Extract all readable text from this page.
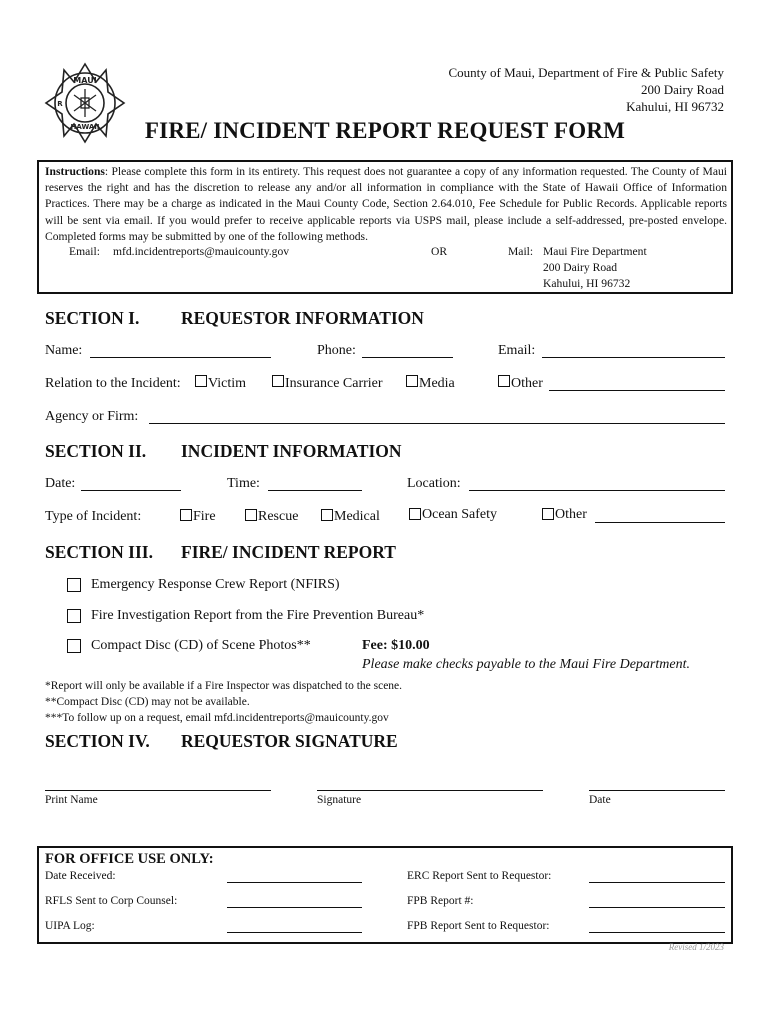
MAUI
HAWAII
R
County of Maui, Department of Fire & Public Safety
200 Dairy Road
Kahului, HI 96732
FIRE/ INCIDENT REPORT REQUEST FORM
Instructions: Please complete this form in its entirety. This request does not guarantee a copy of any information requested. The County of Maui reserves the right and has the discretion to release any and/or all information in compliance with the State of Hawaii Office of Information Practices. There may be a charge as indicated in the Maui County Code, Section 2.64.010, Fee Schedule for Public Records. Applicable reports will be sent via email. If you would prefer to receive applicable reports via USPS mail, please include a self-addressed, pre-posted envelope. Completed forms may be submitted by one of the following methods.
Email: mfd.incidentreports@mauicounty.gov	OR	Mail: Maui Fire Department
200 Dairy Road
Kahului, HI 96732
SECTION I. REQUESTOR INFORMATION
Name:	Phone:	Email:
Relation to the Incident: Victim	Insurance Carrier	Media	Other
Agency or Firm:
SECTION II. INCIDENT INFORMATION
Date:	Time:	Location:
Type of Incident:	Fire	Rescue	Medical	Ocean Safety	Other
SECTION III. FIRE/ INCIDENT REPORT
Emergency Response Crew Report (NFIRS)
Fire Investigation Report from the Fire Prevention Bureau*
Compact Disc (CD) of Scene Photos**	Fee: $10.00
Please make checks payable to the Maui Fire Department.
*Report will only be available if a Fire Inspector was dispatched to the scene.
**Compact Disc (CD) may not be available.
***To follow up on a request, email mfd.incidentreports@mauicounty.gov
SECTION IV. REQUESTOR SIGNATURE
Print Name	Signature	Date
FOR OFFICE USE ONLY:
Date Received:	ERC Report Sent to Requestor:
RFLS Sent to Corp Counsel:	FPB Report #:
UIPA Log:	FPB Report Sent to Requestor:
Revised 1/2023
